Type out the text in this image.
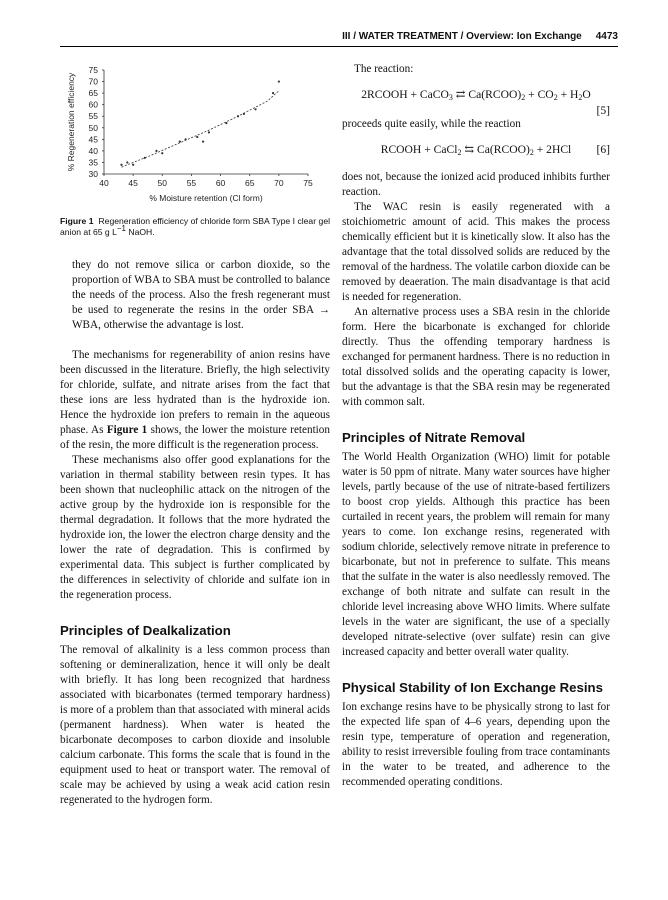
III / WATER TREATMENT / Overview: Ion Exchange 4473
30
35
40
45
50
55
60
65
70
75
40 45 50 55 60 65 70 75
% Moisture retention (Cl form)
% Regeneration efficiency

Figure 1 Regeneration efficiency of chloride form SBA Type I clear gel anion at 65 g $L^{-1}$ NaOH.

they do not remove silica or carbon dioxide, so the proportion of WBA to SBA must be controlled to balance the needs of the process. Also the fresh regenerant must be used to regenerate the resins in the order SBA → WBA, otherwise the advantage is lost.

The mechanisms for regenerability of anion resins have been discussed in the literature. Briefly, the high selectivity for chloride, sulfate, and nitrate arises from the fact that these ions are less hydrated than is the hydroxide ion. Hence the hydroxide ion prefers to remain in the aqueous phase. As Figure 1 shows, the lower the moisture retention of the resin, the more difficult is the regeneration process.

These mechanisms also offer good explanations for the variation in thermal stability between resin types. It has been shown that nucleophilic attack on the nitrogen of the active group by the hydroxide ion is responsible for the thermal degradation. It follows that the more hydrated the hydroxide ion, the lower the electron charge density and the lower the rate of degradation. This is confirmed by experimental data. This subject is further complicated by the differences in selectivity of chloride and sulfate ion in the regeneration process.

Principles of Dealkalization

The removal of alkalinity is a less common process than softening or demineralization, hence it will only be dealt with briefly. It has long been recognized that hardness associated with bicarbonates (termed temporary hardness) is more of a problem than that associated with mineral acids (permanent hardness). When water is heated the bicarbonate decomposes to carbon dioxide and insoluble calcium carbonate. This forms the scale that is found in the equipment used to heat or transport water. The removal of scale may be achieved by using a weak acid cation resin regenerated to the hydrogen form.

The reaction:

2RCOOH + CaCO$_3$ ⇄ $Ca(RCOO)_2 + CO_2 + H_2O$
[5]

proceeds quite easily, while the reaction

RCOOH + CaCl$_2$ ⇆ $Ca(RCOO)_2 + 2HCl$ [6]

does not, because the ionized acid produced inhibits further reaction.

The WAC resin is easily regenerated with a stoichiometric amount of acid. This makes the process chemically efficient but it is kinetically slow. It also has the advantage that the total dissolved solids are reduced by the removal of the hardness. The volatile carbon dioxide can be removed by deaeration. The main disadvantage is that acid is needed for regeneration.

An alternative process uses a SBA resin in the chloride form. Here the bicarbonate is exchanged for chloride directly. Thus the offending temporary hardness is exchanged for permanent hardness. There is no reduction in total dissolved solids and the operating capacity is lower, but the advantage is that the SBA resin may be regenerated with common salt.

Principles of Nitrate Removal

The World Health Organization (WHO) limit for potable water is 50 ppm of nitrate. Many water sources have higher levels, partly because of the use of nitrate-based fertilizers to boost crop yields. Although this practice has been curtailed in recent years, the problem will remain for many years to come. Ion exchange resins, regenerated with sodium chloride, selectively remove nitrate in preference to bicarbonate, but not in preference to sulfate. This means that the sulfate in the water is also needlessly removed. The exchange of both nitrate and sulfate can result in the chloride level increasing above WHO limits. Where sulfate levels in the water are significant, the use of a specially developed nitrate-selective (over sulfate) resin can give increased capacity and better overall water quality.

Physical Stability of Ion Exchange Resins

Ion exchange resins have to be physically strong to last for the expected life span of 4–6 years, depending upon the resin type, temperature of operation and regeneration, ability to resist irreversible fouling from trace contaminants in the water to be treated, and adherence to the recommended operating conditions.
